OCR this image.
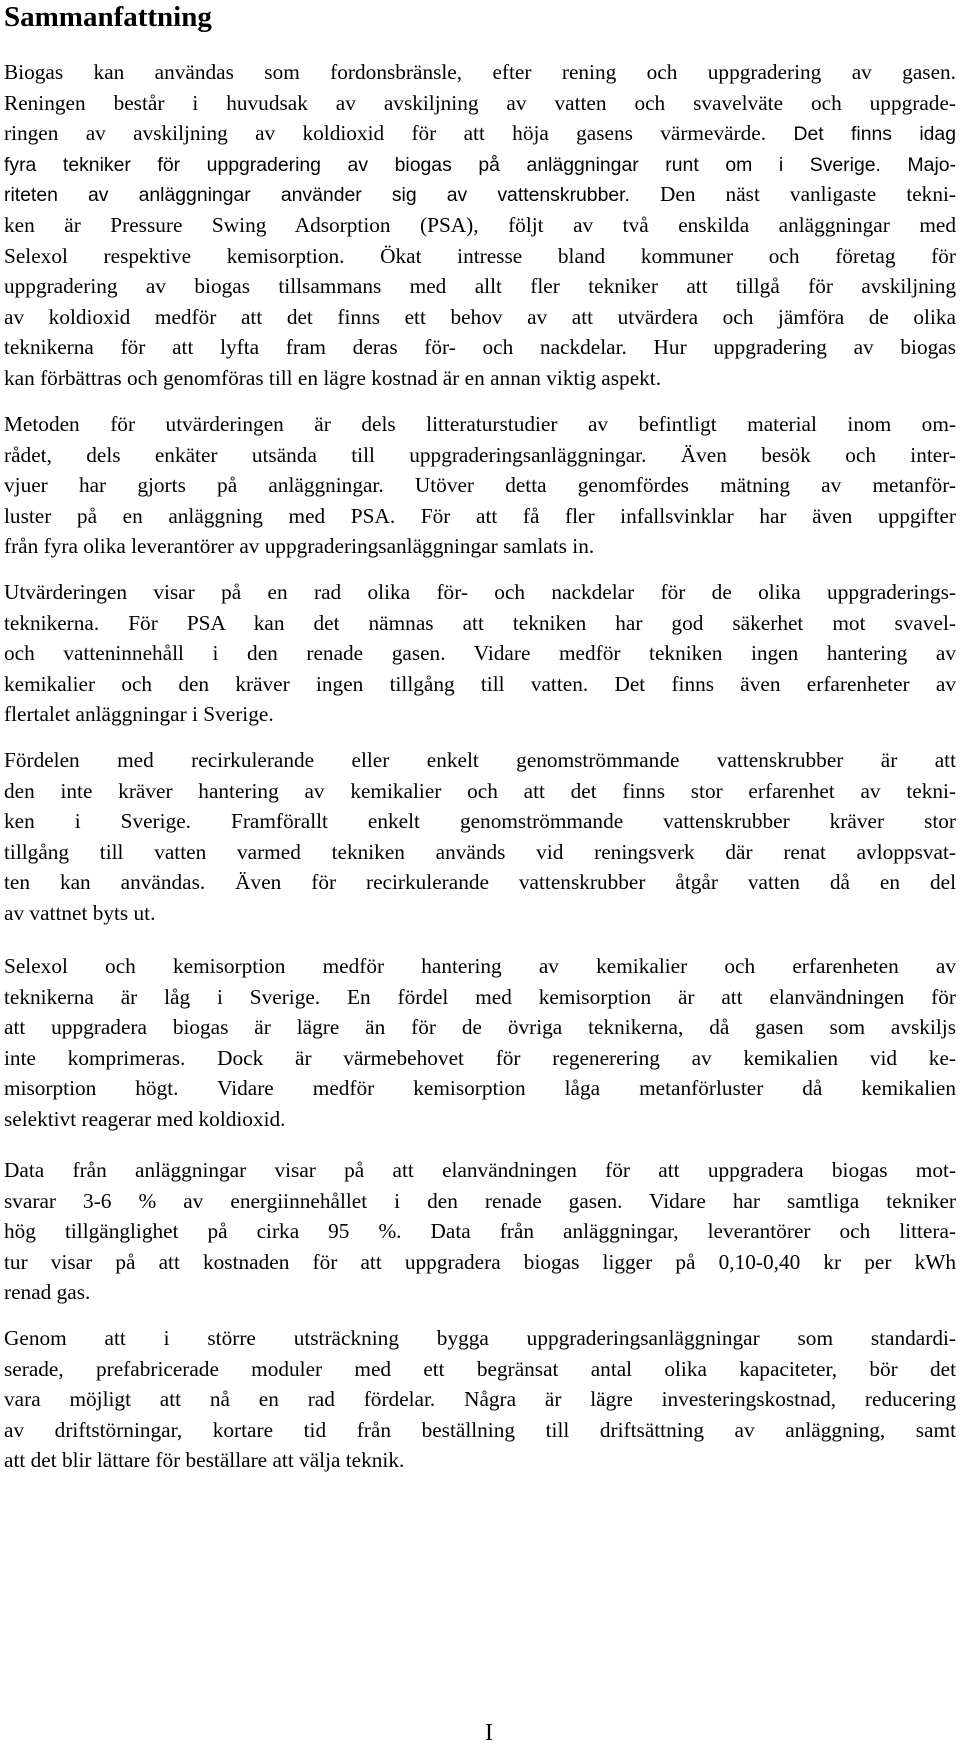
Sammanfattning
Biogas kan användas som fordonsbränsle, efter rening och uppgradering av gasen.
Reningen består i huvudsak av avskiljning av vatten och svavelväte och uppgrade-
ringen av avskiljning av koldioxid för att höja gasens värmevärde. Det finns idag
fyra tekniker för uppgradering av biogas på anläggningar runt om i Sverige. Majo-
riteten av anläggningar använder sig av vattenskrubber. Den näst vanligaste tekni-
ken är Pressure Swing Adsorption (PSA), följt av två enskilda anläggningar med
Selexol respektive kemisorption. Ökat intresse bland kommuner och företag för
uppgradering av biogas tillsammans med allt fler tekniker att tillgå för avskiljning
av koldioxid medför att det finns ett behov av att utvärdera och jämföra de olika
teknikerna för att lyfta fram deras för- och nackdelar. Hur uppgradering av biogas
kan förbättras och genomföras till en lägre kostnad är en annan viktig aspekt.
Metoden för utvärderingen är dels litteraturstudier av befintligt material inom om-
rådet, dels enkäter utsända till uppgraderingsanläggningar. Även besök och inter-
vjuer har gjorts på anläggningar. Utöver detta genomfördes mätning av metanför-
luster på en anläggning med PSA. För att få fler infallsvinklar har även uppgifter
från fyra olika leverantörer av uppgraderingsanläggningar samlats in.
Utvärderingen visar på en rad olika för- och nackdelar för de olika uppgraderings-
teknikerna. För PSA kan det nämnas att tekniken har god säkerhet mot svavel-
och vatteninnehåll i den renade gasen. Vidare medför tekniken ingen hantering av
kemikalier och den kräver ingen tillgång till vatten. Det finns även erfarenheter av
flertalet anläggningar i Sverige.
Fördelen med recirkulerande eller enkelt genomströmmande vattenskrubber är att
den inte kräver hantering av kemikalier och att det finns stor erfarenhet av tekni-
ken i Sverige. Framförallt enkelt genomströmmande vattenskrubber kräver stor
tillgång till vatten varmed tekniken används vid reningsverk där renat avloppsvat-
ten kan användas. Även för recirkulerande vattenskrubber åtgår vatten då en del
av vattnet byts ut.
Selexol och kemisorption medför hantering av kemikalier och erfarenheten av
teknikerna är låg i Sverige. En fördel med kemisorption är att elanvändningen för
att uppgradera biogas är lägre än för de övriga teknikerna, då gasen som avskiljs
inte komprimeras. Dock är värmebehovet för regenerering av kemikalien vid ke-
misorption högt. Vidare medför kemisorption låga metanförluster då kemikalien
selektivt reagerar med koldioxid.
Data från anläggningar visar på att elanvändningen för att uppgradera biogas mot-
svarar 3-6 % av energiinnehållet i den renade gasen. Vidare har samtliga tekniker
hög tillgänglighet på cirka 95 %. Data från anläggningar, leverantörer och littera-
tur visar på att kostnaden för att uppgradera biogas ligger på 0,10-0,40 kr per kWh
renad gas.
Genom att i större utsträckning bygga uppgraderingsanläggningar som standardi-
serade, prefabricerade moduler med ett begränsat antal olika kapaciteter, bör det
vara möjligt att nå en rad fördelar. Några är lägre investeringskostnad, reducering
av driftstörningar, kortare tid från beställning till driftsättning av anläggning, samt
att det blir lättare för beställare att välja teknik.

I
